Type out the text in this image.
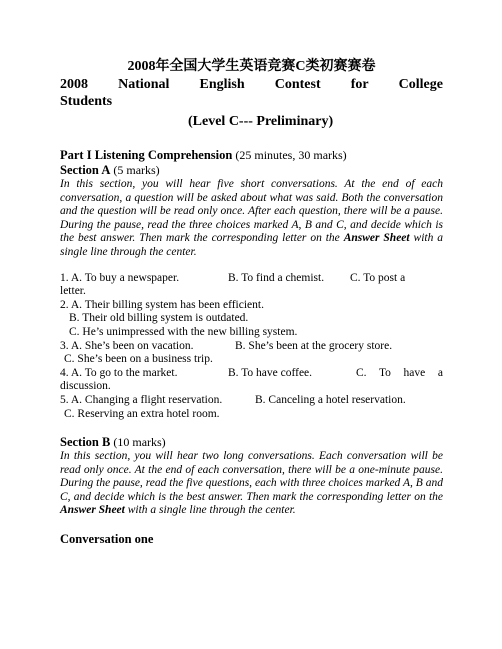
2008年全国大学生英语竞赛C类初赛赛卷

2008 National English Contest for College
Students

(Level C--- Preliminary)

Part I Listening Comprehension (25 minutes, 30 marks)
Section A (5 marks)

In this section, you will hear five short conversations. At the end of each conversation, a question will be asked about what was said. Both the conversation and the question will be read only once. After each question, there will be a pause. During the pause, read the three choices marked A, B and C, and decide which is the best answer. Then mark the corresponding letter on the Answer Sheet with a single line through the center.

1. A. To buy a newspaper.	B. To find a chemist.	C. To post a
letter.
2. A. Their billing system has been efficient.
B. Their old billing system is outdated.
C. He’s unimpressed with the new billing system.
3. A. She’s been on vacation.	B. She’s been at the grocery store.
C. She’s been on a business trip.
4. A. To go to the market.	B. To have coffee.	C. To have a
discussion.
5. A. Changing a flight reservation.	B. Canceling a hotel reservation.
C. Reserving an extra hotel room.
Section B (10 marks)

In this section, you will hear two long conversations. Each conversation will be read only once. At the end of each conversation, there will be a one-minute pause. During the pause, read the five questions, each with three choices marked A, B and C, and decide which is the best answer. Then mark the corresponding letter on the Answer Sheet with a single line through the center.

Conversation one
